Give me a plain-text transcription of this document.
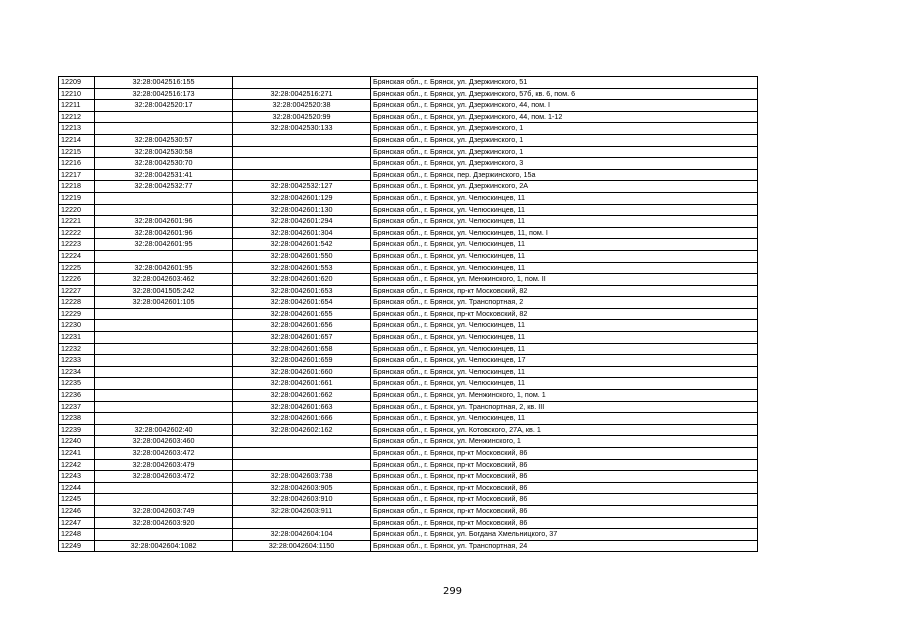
12209	32:28:0042516:155		Брянская обл., г. Брянск, ул. Дзержинского, 51
12210	32:28:0042516:173	32:28:0042516:271	Брянская обл., г. Брянск, ул. Дзержинского, 57б, кв. 6, пом. 6
12211	32:28:0042520:17	32:28:0042520:38	Брянская обл., г. Брянск, ул. Дзержинского, 44, пом. I
12212		32:28:0042520:99	Брянская обл., г. Брянск, ул. Дзержинского, 44, пом. 1-12
12213		32:28:0042530:133	Брянская обл., г. Брянск, ул. Дзержинского, 1
12214	32:28:0042530:57		Брянская обл., г. Брянск, ул. Дзержинского, 1
12215	32:28:0042530:58		Брянская обл., г. Брянск, ул. Дзержинского, 1
12216	32:28:0042530:70		Брянская обл., г. Брянск, ул. Дзержинского, 3
12217	32:28:0042531:41		Брянская обл., г. Брянск, пер. Дзержинского, 15а
12218	32:28:0042532:77	32:28:0042532:127	Брянская обл., г. Брянск, ул. Дзержинского, 2А
12219		32:28:0042601:129	Брянская обл., г. Брянск, ул. Челюскинцев, 11
12220		32:28:0042601:130	Брянская обл., г. Брянск, ул. Челюскинцев, 11
12221	32:28:0042601:96	32:28:0042601:294	Брянская обл., г. Брянск, ул. Челюскинцев, 11
12222	32:28:0042601:96	32:28:0042601:304	Брянская обл., г. Брянск, ул. Челюскинцев, 11, пом. I
12223	32:28:0042601:95	32:28:0042601:542	Брянская обл., г. Брянск, ул. Челюскинцев, 11
12224		32:28:0042601:550	Брянская обл., г. Брянск, ул. Челюскинцев, 11
12225	32:28:0042601:95	32:28:0042601:553	Брянская обл., г. Брянск, ул. Челюскинцев, 11
12226	32:28:0042603:462	32:28:0042601:620	Брянская обл., г. Брянск, ул. Менжинского, 1, пом. II
12227	32:28:0041505:242	32:28:0042601:653	Брянская обл., г. Брянск, пр-кт Московский, 82
12228	32:28:0042601:105	32:28:0042601:654	Брянская обл., г. Брянск, ул. Транспортная, 2
12229		32:28:0042601:655	Брянская обл., г. Брянск, пр-кт Московский, 82
12230		32:28:0042601:656	Брянская обл., г. Брянск, ул. Челюскинцев, 11
12231		32:28:0042601:657	Брянская обл., г. Брянск, ул. Челюскинцев, 11
12232		32:28:0042601:658	Брянская обл., г. Брянск, ул. Челюскинцев, 11
12233		32:28:0042601:659	Брянская обл., г. Брянск, ул. Челюскинцев, 17
12234		32:28:0042601:660	Брянская обл., г. Брянск, ул. Челюскинцев, 11
12235		32:28:0042601:661	Брянская обл., г. Брянск, ул. Челюскинцев, 11
12236		32:28:0042601:662	Брянская обл., г. Брянск, ул. Менжинского, 1, пом. 1
12237		32:28:0042601:663	Брянская обл., г. Брянск, ул. Транспортная, 2, кв. III
12238		32:28:0042601:666	Брянская обл., г. Брянск, ул. Челюскинцев, 11
12239	32:28:0042602:40	32:28:0042602:162	Брянская обл., г. Брянск, ул. Котовского, 27А, кв. 1
12240	32:28:0042603:460		Брянская обл., г. Брянск, ул. Менжинского, 1
12241	32:28:0042603:472		Брянская обл., г. Брянск, пр-кт Московский, 86
12242	32:28:0042603:479		Брянская обл., г. Брянск, пр-кт Московский, 86
12243	32:28:0042603:472	32:28:0042603:738	Брянская обл., г. Брянск, пр-кт Московский, 86
12244		32:28:0042603:905	Брянская обл., г. Брянск, пр-кт Московский, 86
12245		32:28:0042603:910	Брянская обл., г. Брянск, пр-кт Московский, 86
12246	32:28:0042603:749	32:28:0042603:911	Брянская обл., г. Брянск, пр-кт Московский, 86
12247	32:28:0042603:920		Брянская обл., г. Брянск, пр-кт Московский, 86
12248		32:28:0042604:104	Брянская обл., г. Брянск, ул. Богдана Хмельницкого, 37
12249	32:28:0042604:1082	32:28:0042604:1150	Брянская обл., г. Брянск, ул. Транспортная, 24
299
